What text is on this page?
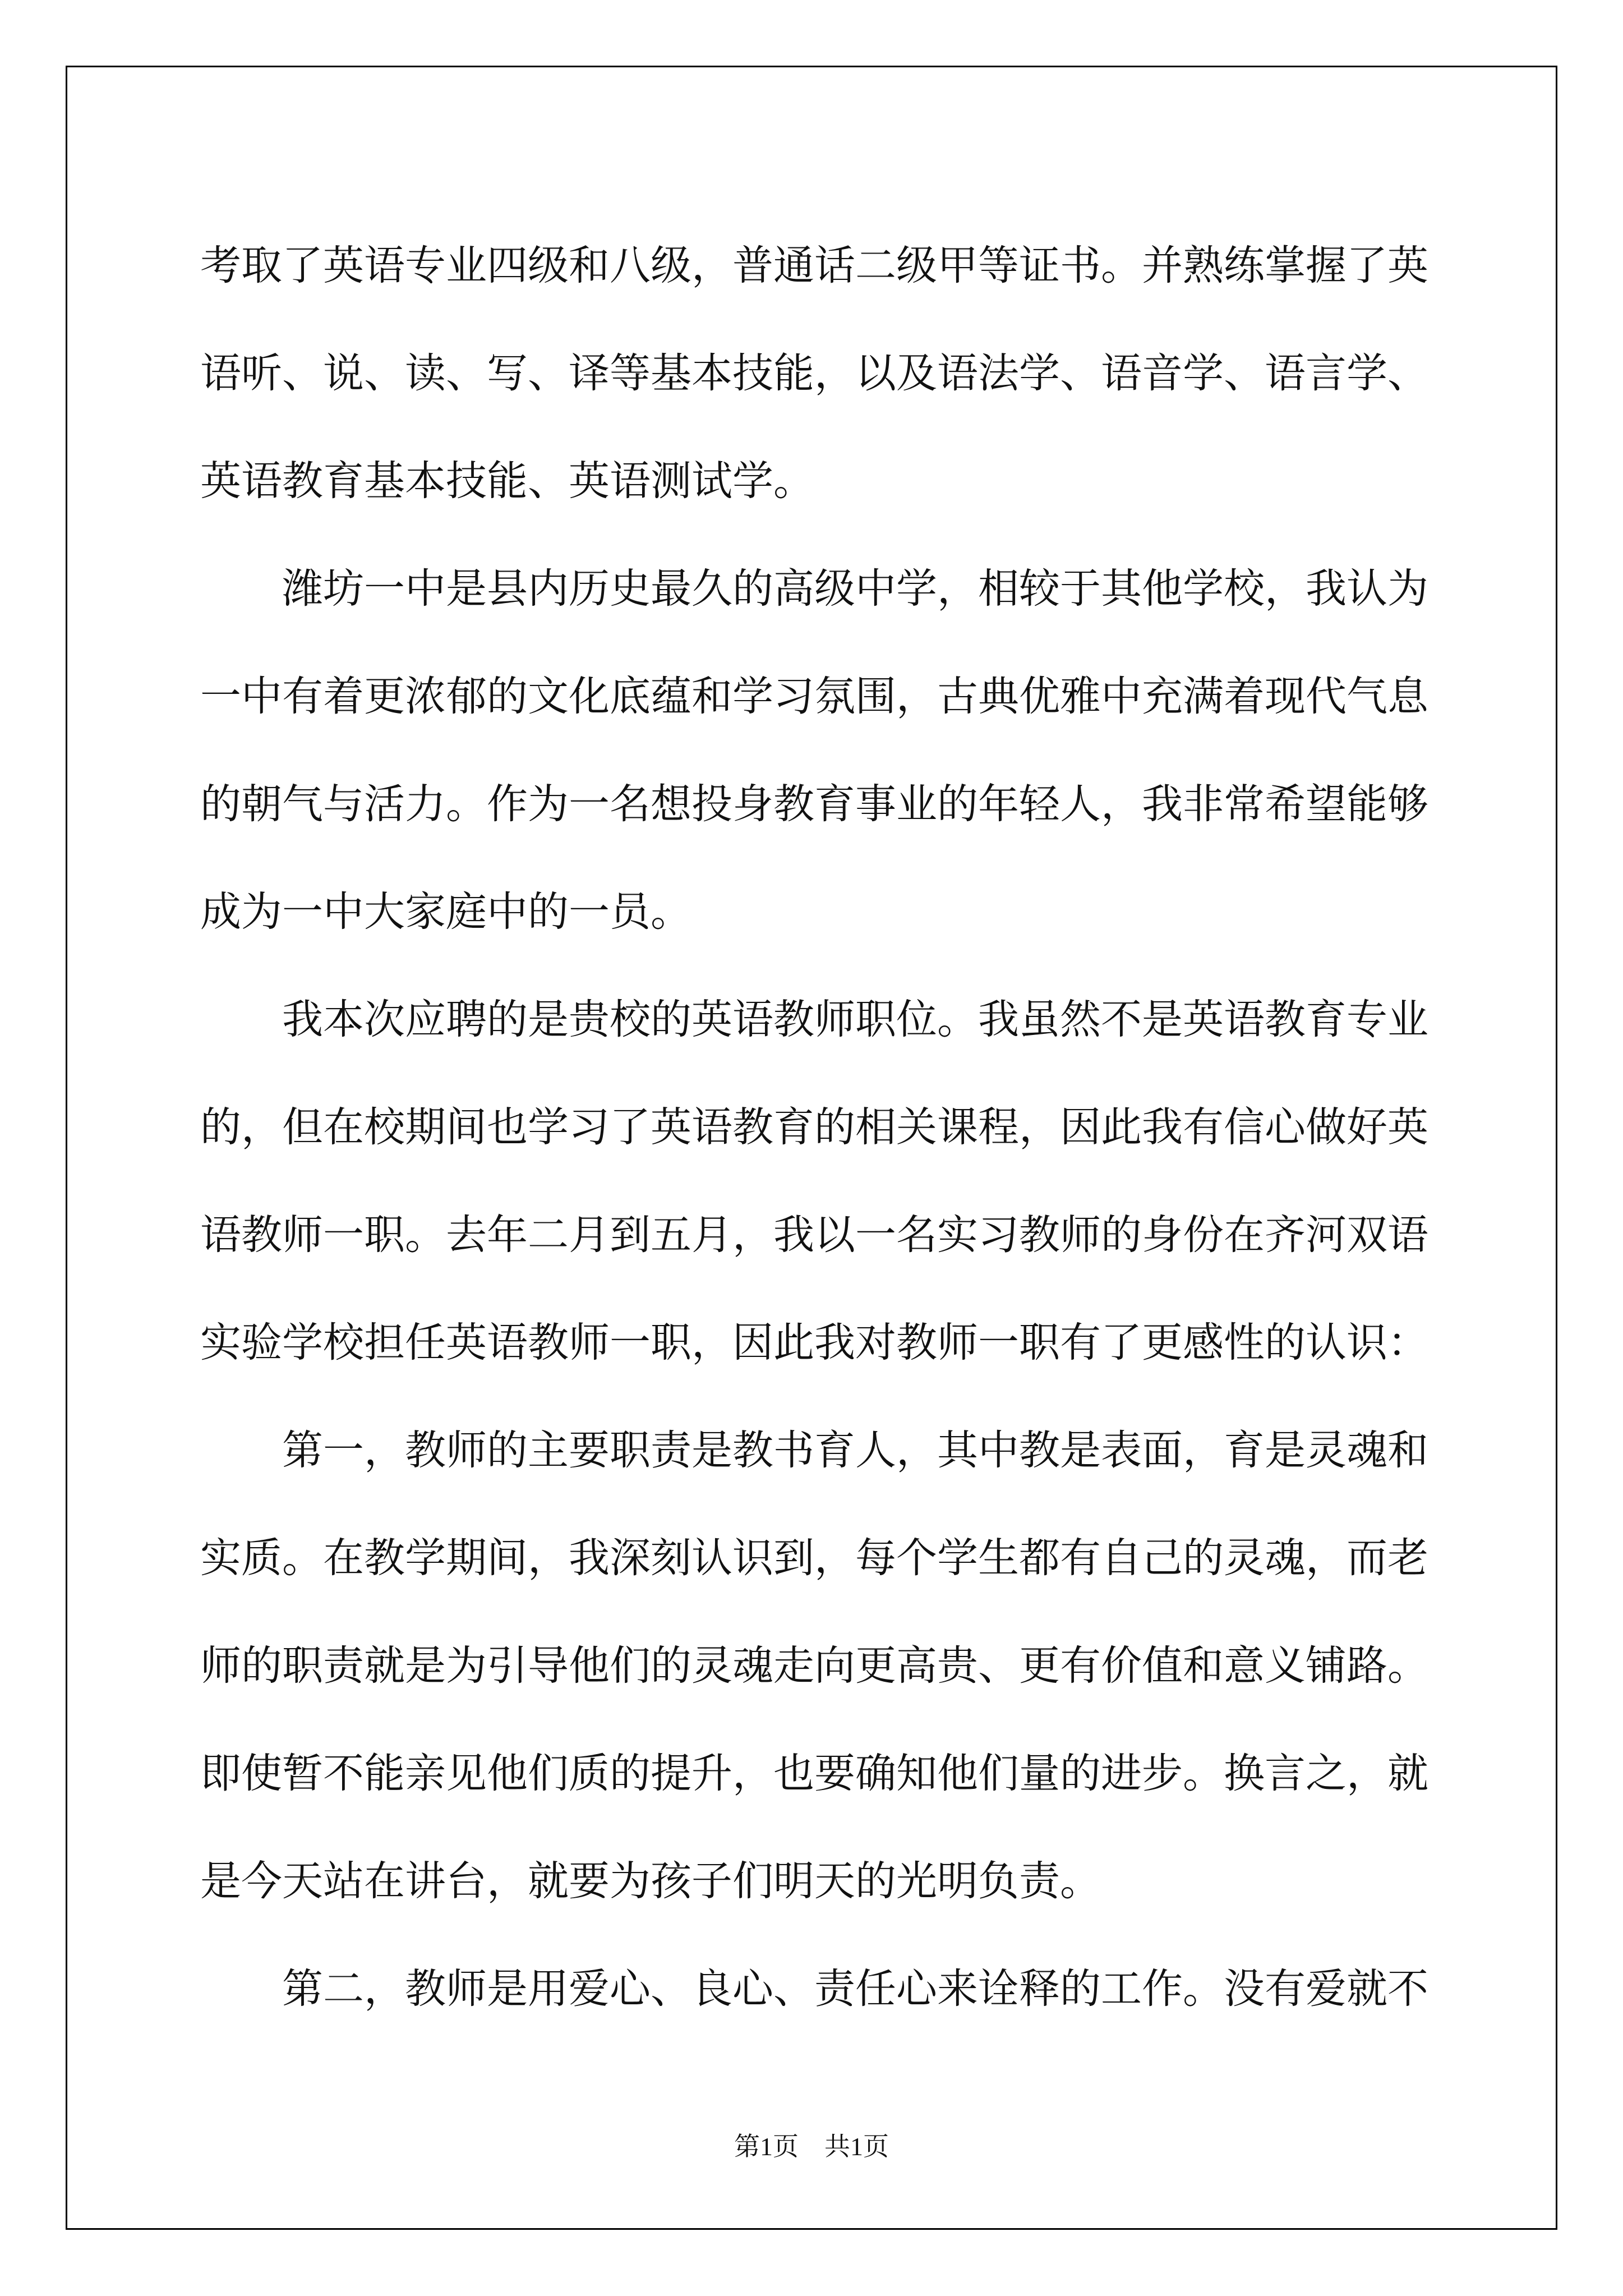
考取了英语专业四级和八级，普通话二级甲等证书。并熟练掌握了英语听、说、读、写、译等基本技能，以及语法学、语音学、语言学、英语教育基本技能、英语测试学。

潍坊一中是县内历史最久的高级中学，相较于其他学校，我认为一中有着更浓郁的文化底蕴和学习氛围，古典优雅中充满着现代气息的朝气与活力。作为一名想投身教育事业的年轻人，我非常希望能够成为一中大家庭中的一员。

我本次应聘的是贵校的英语教师职位。我虽然不是英语教育专业的，但在校期间也学习了英语教育的相关课程，因此我有信心做好英语教师一职。去年二月到五月，我以一名实习教师的身份在齐河双语实验学校担任英语教师一职，因此我对教师一职有了更感性的认识：

第一，教师的主要职责是教书育人，其中教是表面，育是灵魂和实质。在教学期间，我深刻认识到，每个学生都有自己的灵魂，而老师的职责就是为引导他们的灵魂走向更高贵、更有价值和意义铺路。即使暂不能亲见他们质的提升，也要确知他们量的进步。换言之，就是今天站在讲台，就要为孩子们明天的光明负责。

第二，教师是用爱心、良心、责任心来诠释的工作。没有爱就不

第1页　共1页
